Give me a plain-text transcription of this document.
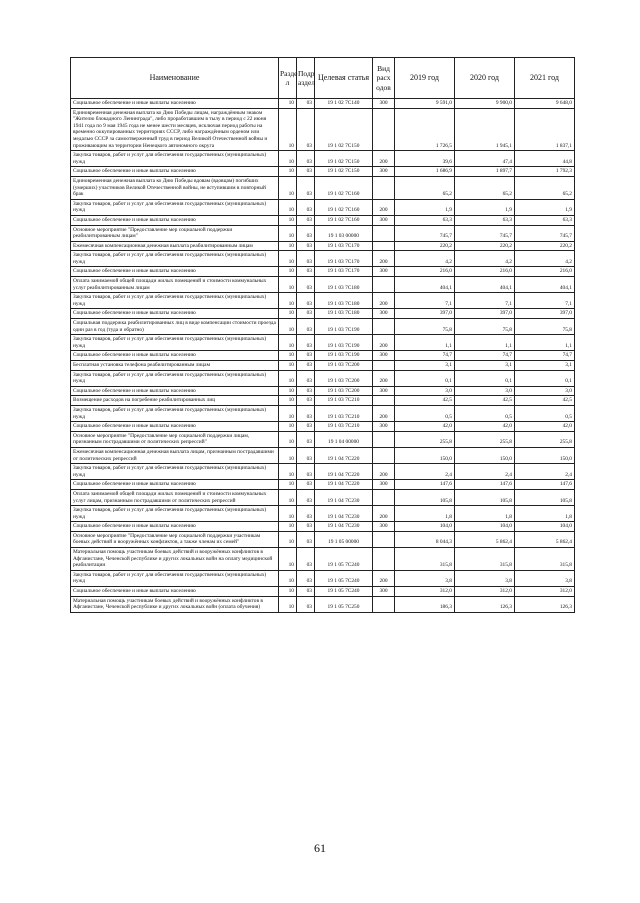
Наименование	Разде л	Подр аздел	Целевая статья	Вид расх одов	2019 год	2020 год	2021 год
Социальное обеспечение и иные выплаты населению	10	03	19 1 02 7С140	300	9 591,0	9 900,0	9 648,0
Единовременная денежная выплата ко Дню Победы лицам, награждённым знаком "Жителю блокадного Ленинграда", либо проработавшим в тылу в период с 22 июня 1941 года по 9 мая 1945 года не менее шести месяцев, исключая период работы на временно оккупированных территориях СССР, либо награждённым орденом или медалью СССР за самоотверженный труд в период Великой Отечественной войны и проживающим на территории Ненецкого автономного округа	10	03	19 1 02 7С150		1 726,5	1 945,1	1 837,1
Закупка товаров, работ и услуг для обеспечения государственных (муниципальных) нужд	10	03	19 1 02 7С150	200	39,6	47,4	44,8
Социальное обеспечение и иные выплаты населению	10	03	19 1 02 7С150	300	1 686,9	1 897,7	1 792,3
Единовременная денежная выплата ко Дню Победы вдовам (вдовцам) погибших (умерших) участников Великой Отечественной войны, не вступившим в повторный брак	10	03	19 1 02 7С160		65,2	65,2	65,2
Закупка товаров, работ и услуг для обеспечения государственных (муниципальных) нужд	10	03	19 1 02 7С160	200	1,9	1,9	1,9
Социальное обеспечение и иные выплаты населению	10	03	19 1 02 7С160	300	63,3	63,3	63,3
Основное мероприятие "Предоставление мер социальной поддержки реабилитированным лицам"	10	03	19 1 03 00000		745,7	745,7	745,7
Ежемесячная компенсационная денежная выплата реабилитированным лицам	10	03	19 1 03 7С170		220,2	220,2	220,2
Закупка товаров, работ и услуг для обеспечения государственных (муниципальных) нужд	10	03	19 1 03 7С170	200	4,2	4,2	4,2
Социальное обеспечение и иные выплаты населению	10	03	19 1 03 7С170	300	216,0	216,0	216,0
Оплата занимаемой общей площади жилых помещений и стоимости коммунальных услуг реабилитированным лицам	10	03	19 1 03 7С180		404,1	404,1	404,1
Закупка товаров, работ и услуг для обеспечения государственных (муниципальных) нужд	10	03	19 1 03 7С180	200	7,1	7,1	7,1
Социальное обеспечение и иные выплаты населению	10	03	19 1 03 7С180	300	397,0	397,0	397,0
Социальная поддержка реабилитированных лиц в виде компенсации стоимости проезда один раз в год (туда и обратно)	10	03	19 1 03 7С190		75,8	75,8	75,8
Закупка товаров, работ и услуг для обеспечения государственных (муниципальных) нужд	10	03	19 1 03 7С190	200	1,1	1,1	1,1
Социальное обеспечение и иные выплаты населению	10	03	19 1 03 7С190	300	74,7	74,7	74,7
Бесплатная установка телефона реабилитированным лицам	10	03	19 1 03 7С200		3,1	3,1	3,1
Закупка товаров, работ и услуг для обеспечения государственных (муниципальных) нужд	10	03	19 1 03 7С200	200	0,1	0,1	0,1
Социальное обеспечение и иные выплаты населению	10	03	19 1 03 7С200	300	3,0	3,0	3,0
Возмещение расходов на погребение реабилитированных лиц	10	03	19 1 03 7С210		42,5	42,5	42,5
Закупка товаров, работ и услуг для обеспечения государственных (муниципальных) нужд	10	03	19 1 03 7С210	200	0,5	0,5	0,5
Социальное обеспечение и иные выплаты населению	10	03	19 1 03 7С210	300	42,0	42,0	42,0
Основное мероприятие "Предоставление мер социальной поддержки лицам, признанным пострадавшими от политических репрессий"	10	03	19 1 04 00000		255,8	255,8	255,8
Ежемесячная компенсационная денежная выплата лицам, признанным пострадавшими от политических репрессий	10	03	19 1 04 7С220		150,0	150,0	150,0
Закупка товаров, работ и услуг для обеспечения государственных (муниципальных) нужд	10	03	19 1 04 7С220	200	2,4	2,4	2,4
Социальное обеспечение и иные выплаты населению	10	03	19 1 04 7С220	300	147,6	147,6	147,6
Оплата занимаемой общей площади жилых помещений и стоимости коммунальных услуг лицам, признанным пострадавшими от политических репрессий	10	03	19 1 04 7С230		105,8	105,8	105,8
Закупка товаров, работ и услуг для обеспечения государственных (муниципальных) нужд	10	03	19 1 04 7С230	200	1,8	1,8	1,8
Социальное обеспечение и иные выплаты населению	10	03	19 1 04 7С230	300	104,0	104,0	104,0
Основное мероприятие "Предоставление мер социальной поддержки участникам боевых действий и вооружённых конфликтов, а также членам их семей"	10	03	19 1 05 00000		8 044,3	5 862,4	5 862,4
Материальная помощь участникам боевых действий и вооружённых конфликтов в Афганистане, Чеченской республике и других локальных войн на оплату медицинской реабилитации	10	03	19 1 05 7С240		315,8	315,8	315,8
Закупка товаров, работ и услуг для обеспечения государственных (муниципальных) нужд	10	03	19 1 05 7С240	200	3,8	3,8	3,8
Социальное обеспечение и иные выплаты населению	10	03	19 1 05 7С240	300	312,0	312,0	312,0
Материальная помощь участникам боевых действий и вооружённых конфликтов в Афганистане, Чеченской республике и других локальных войн (оплата обучения)	10	03	19 1 05 7С250		186,3	126,3	126,3
61
